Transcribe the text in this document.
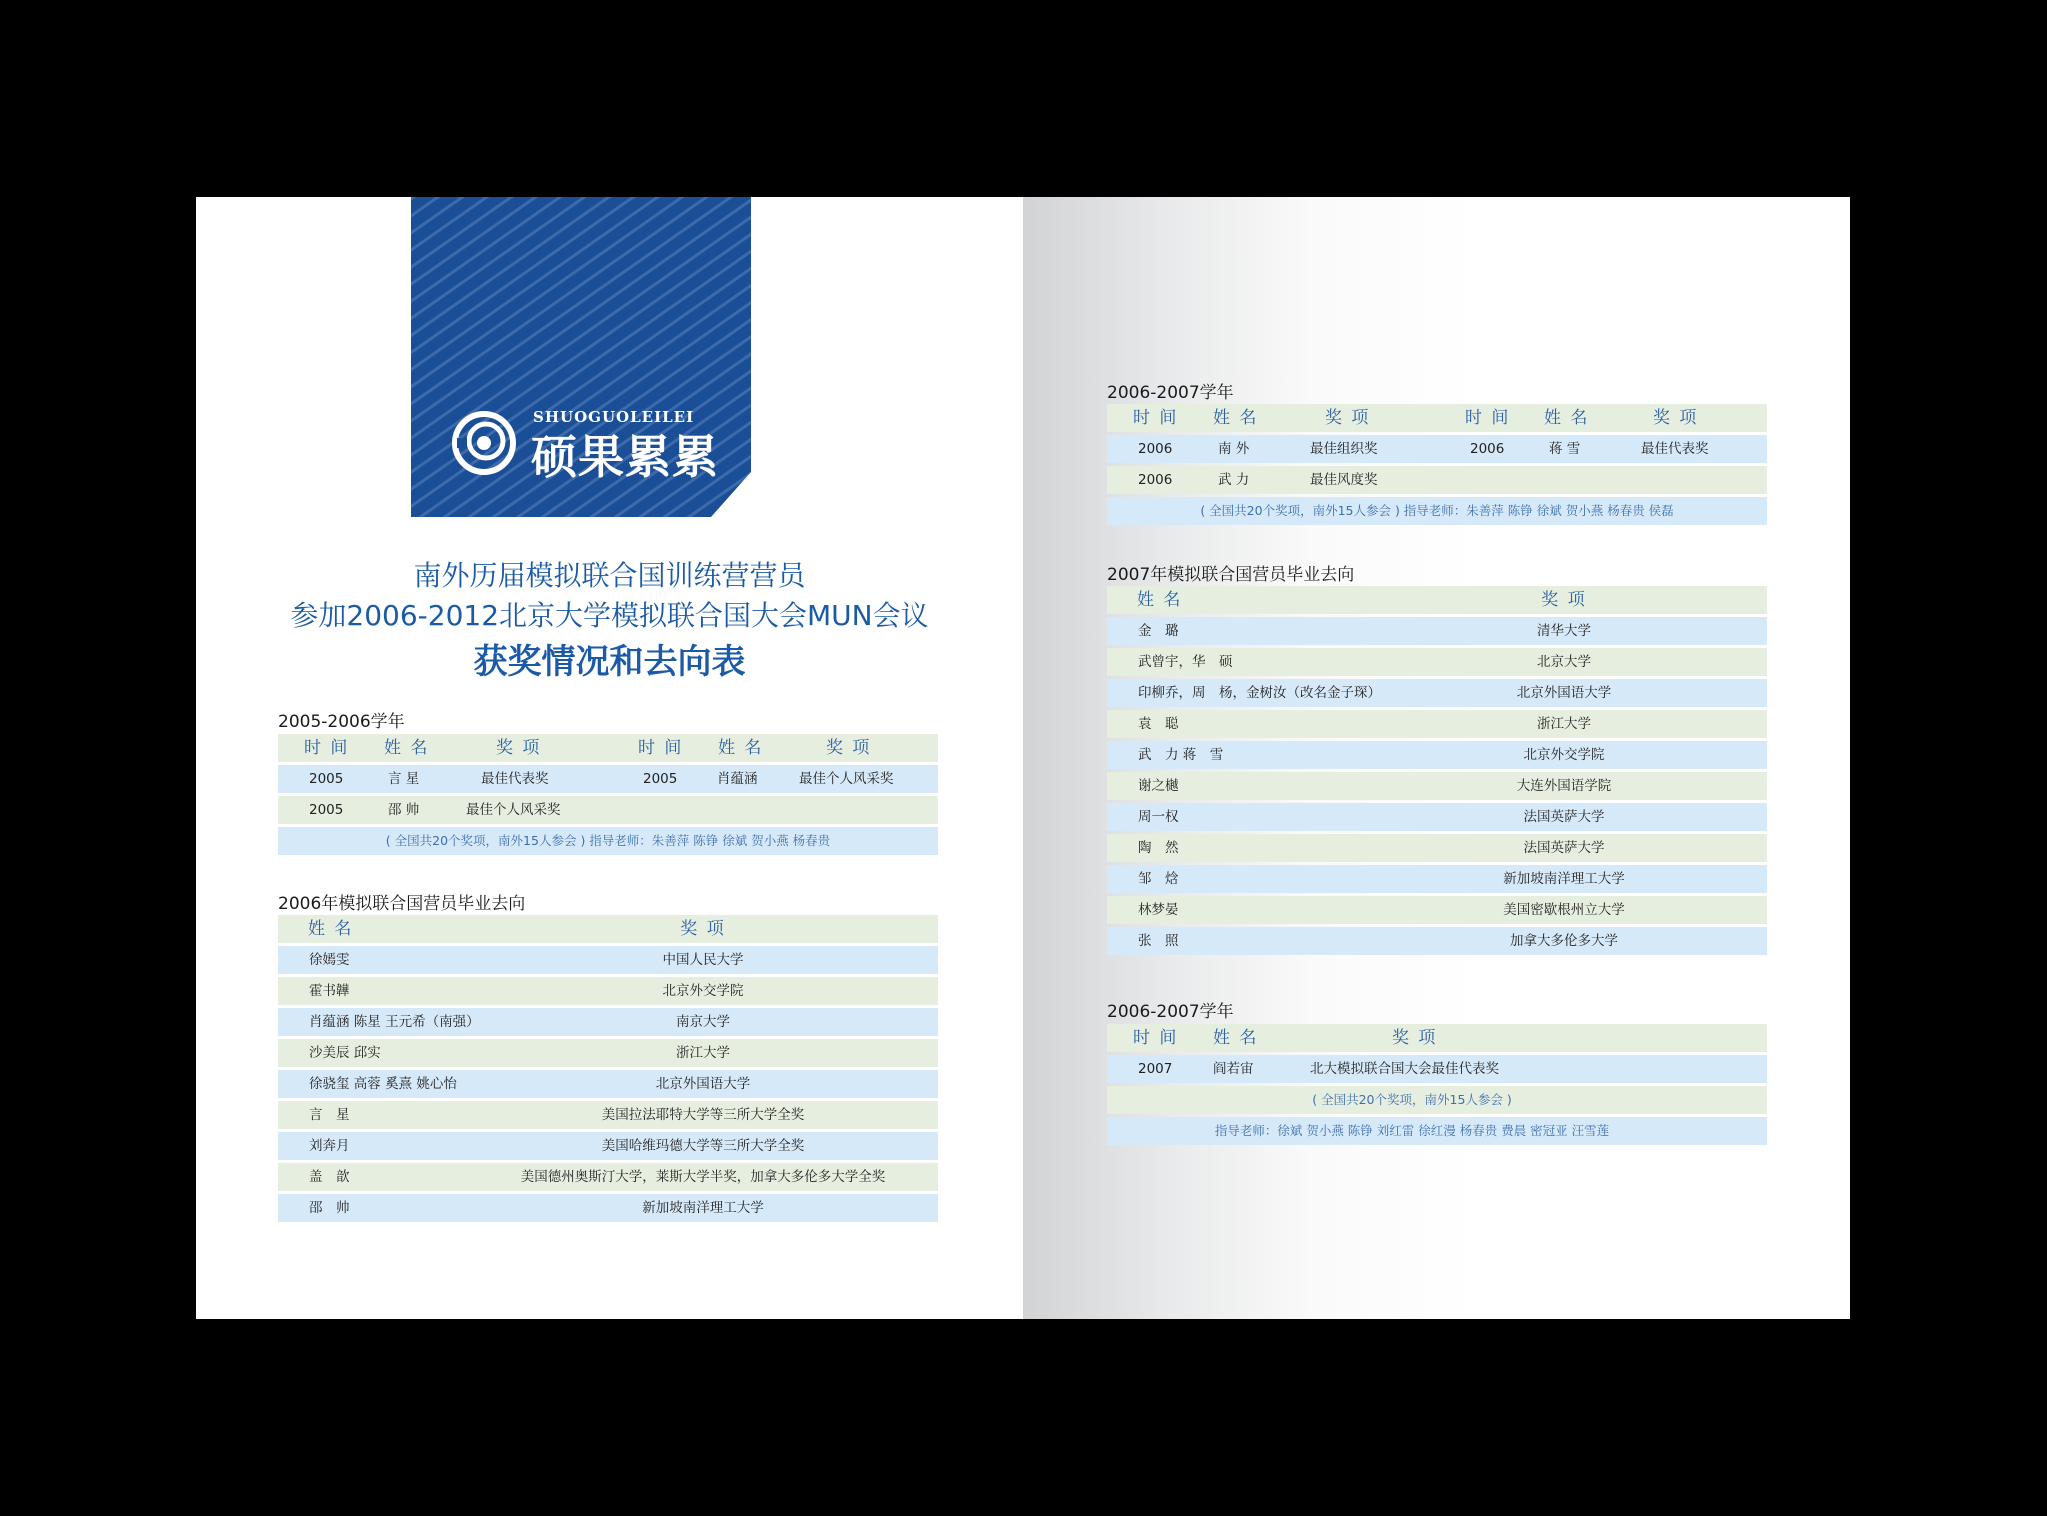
SHUOGUOLEILEI
硕果累累
南外历届模拟联合国训练营营员
参加2006-2012北京大学模拟联合国大会MUN会议
获奖情况和去向表
2005-2006学年
时 间 姓 名	奖 项	时 间 姓 名	奖 项
2005	言 星	最佳代表奖	2005	肖蕴涵	最佳个人风采奖
2005	邵 帅	最佳个人风采奖
( 全国共20个奖项，南外15人参会 ) 指导老师：朱善萍 陈铮 徐斌 贺小燕 杨春贵
2006年模拟联合国营员毕业去向
姓 名	奖 项
徐嫣雯	中国人民大学
霍书韡	北京外交学院
肖蕴涵 陈星 王元希（南强）	南京大学
沙美辰 邱实	浙江大学
徐骁玺 高蓉 奚熹 姚心怡	北京外国语大学
言　星	美国拉法耶特大学等三所大学全奖
刘奔月	美国哈维玛德大学等三所大学全奖
盖　歆	美国德州奥斯汀大学，莱斯大学半奖，加拿大多伦多大学全奖
邵　帅	新加坡南洋理工大学
2006-2007学年
时 间 姓 名	奖 项	时 间 姓 名	奖 项
2006	南 外	最佳组织奖	2006	蒋 雪	最佳代表奖
2006	武 力	最佳风度奖
( 全国共20个奖项，南外15人参会 ) 指导老师：朱善萍 陈铮 徐斌 贺小燕 杨春贵 侯磊
2007年模拟联合国营员毕业去向
姓 名	奖 项
金　璐	清华大学
武曾宇，华　硕	北京大学
印柳乔，周　杨，金树汝（改名金子琛）	北京外国语大学
袁　聪	浙江大学
武　力 蒋　雪	北京外交学院
谢之樾	大连外国语学院
周一权	法国英萨大学
陶　然	法国英萨大学
邹　焓	新加坡南洋理工大学
林梦晏	美国密歇根州立大学
张　照	加拿大多伦多大学
2006-2007学年
时 间 姓 名	奖 项
2007	阎若宙	北大模拟联合国大会最佳代表奖
( 全国共20个奖项，南外15人参会 )
指导老师：徐斌 贺小燕 陈铮 刘红雷 徐红漫 杨春贵 费晨 密冠亚 汪雪莲
